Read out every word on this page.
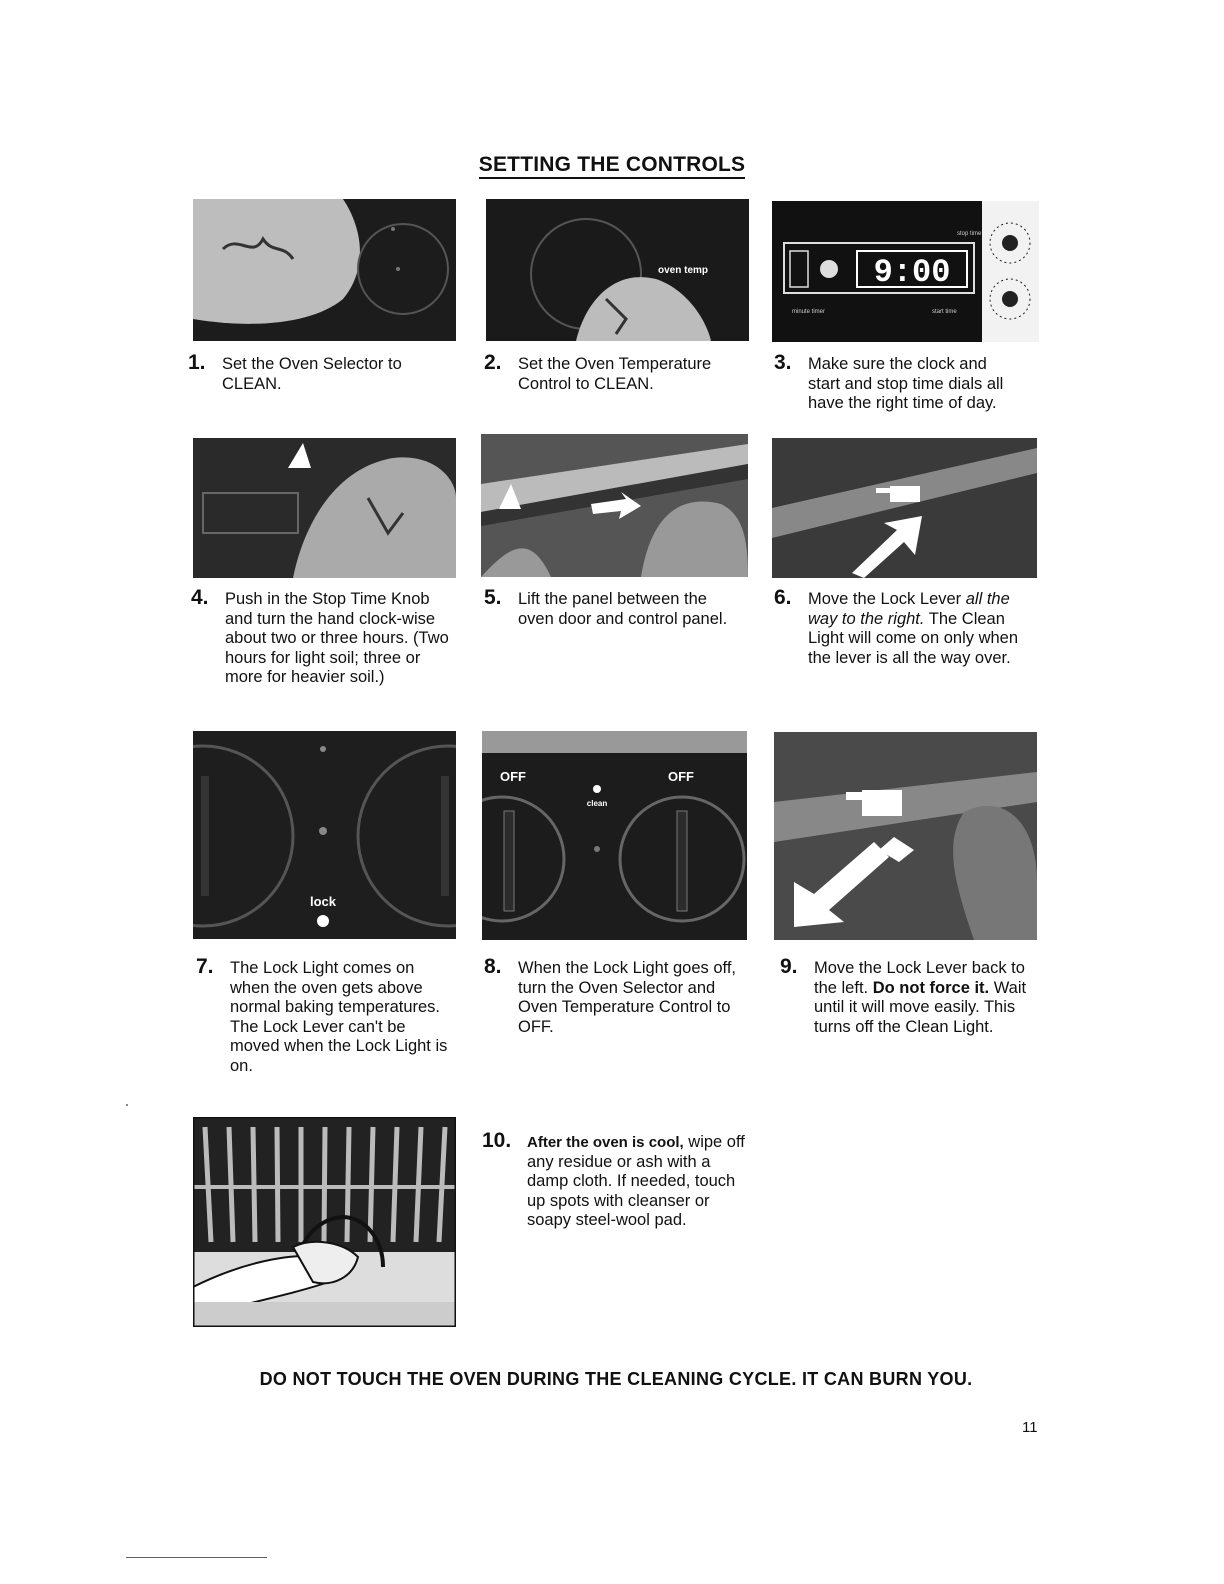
SETTING THE CONTROLS
oven temp	9:00
stop time
minute timer	start time
1. Set the Oven Selector to CLEAN.
2. Set the Oven Temperature Control to CLEAN.
3. Make sure the clock and start and stop time dials all have the right time of day.
4. Push in the Stop Time Knob and turn the hand clock-wise about two or three hours. (Two hours for light soil; three or more for heavier soil.)
5. Lift the panel between the oven door and control panel.
6. Move the Lock Lever all the way to the right. The Clean Light will come on only when the lever is all the way over.
lock
OFF	OFF
clean
7. The Lock Light comes on when the oven gets above normal baking temperatures. The Lock Lever can't be moved when the Lock Light is on.
8. When the Lock Light goes off, turn the Oven Selector and Oven Temperature Control to OFF.
9. Move the Lock Lever back to the left. Do not force it. Wait until it will move easily. This turns off the Clean Light.
10. After the oven is cool, wipe off any residue or ash with a damp cloth. If needed, touch up spots with cleanser or soapy steel-wool pad.
DO NOT TOUCH THE OVEN DURING THE CLEANING CYCLE. IT CAN BURN YOU.
11
